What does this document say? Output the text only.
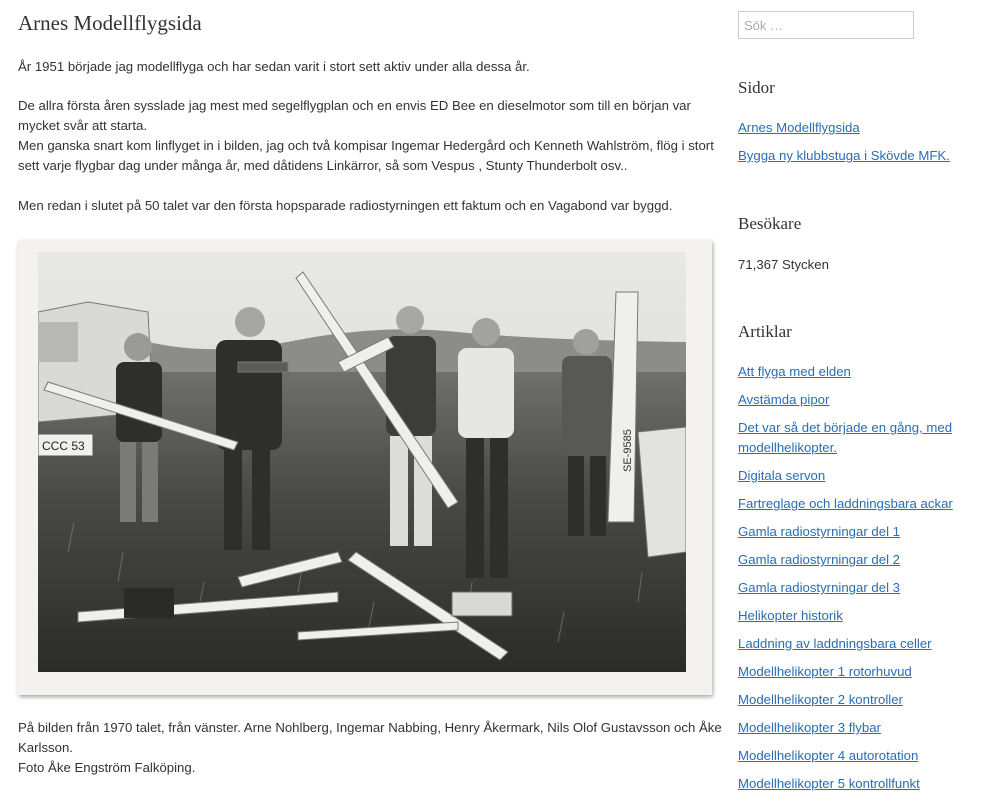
Arnes Modellflygsida

År 1951 började jag modellflyga och har sedan varit i stort sett aktiv under alla dessa år.

De allra första åren sysslade jag mest med segelflygplan och en envis ED Bee en dieselmotor som till en början var
mycket svår att starta.
Men ganska snart kom linflyget in i bilden, jag och två kompisar Ingemar Hedergård och Kenneth Wahlström, flög i stort
sett varje flygbar dag under många år, med dåtidens Linkärror, så som Vespus , Stunty Thunderbolt osv..

Men redan i slutet på 50 talet var den första hopsparade radiostyrningen ett faktum och en Vagabond var byggd.

CCC 53	SE-9585

På bilden från 1970 talet, från vänster. Arne Nohlberg, Ingemar Nabbing, Henry Åkermark, Nils Olof Gustavsson och Åke
Karlsson.
Foto Åke Engström Falköping.

Sök …
Sidor
Arnes Modellflygsida
Bygga ny klubbstuga i Skövde MFK.
Besökare

71,367 Stycken

Artiklar
Att flyga med elden
Avstämda pipor
Det var så det började en gång, med modellhelikopter.
Digitala servon
Fartreglage och laddningsbara ackar
Gamla radiostyrningar del 1
Gamla radiostyrningar del 2
Gamla radiostyrningar del 3
Helikopter historik
Laddning av laddningsbara celler
Modellhelikopter 1 rotorhuvud
Modellhelikopter 2 kontroller
Modellhelikopter 3 flybar
Modellhelikopter 4 autorotation
Modellhelikopter 5 kontrollfunkt
